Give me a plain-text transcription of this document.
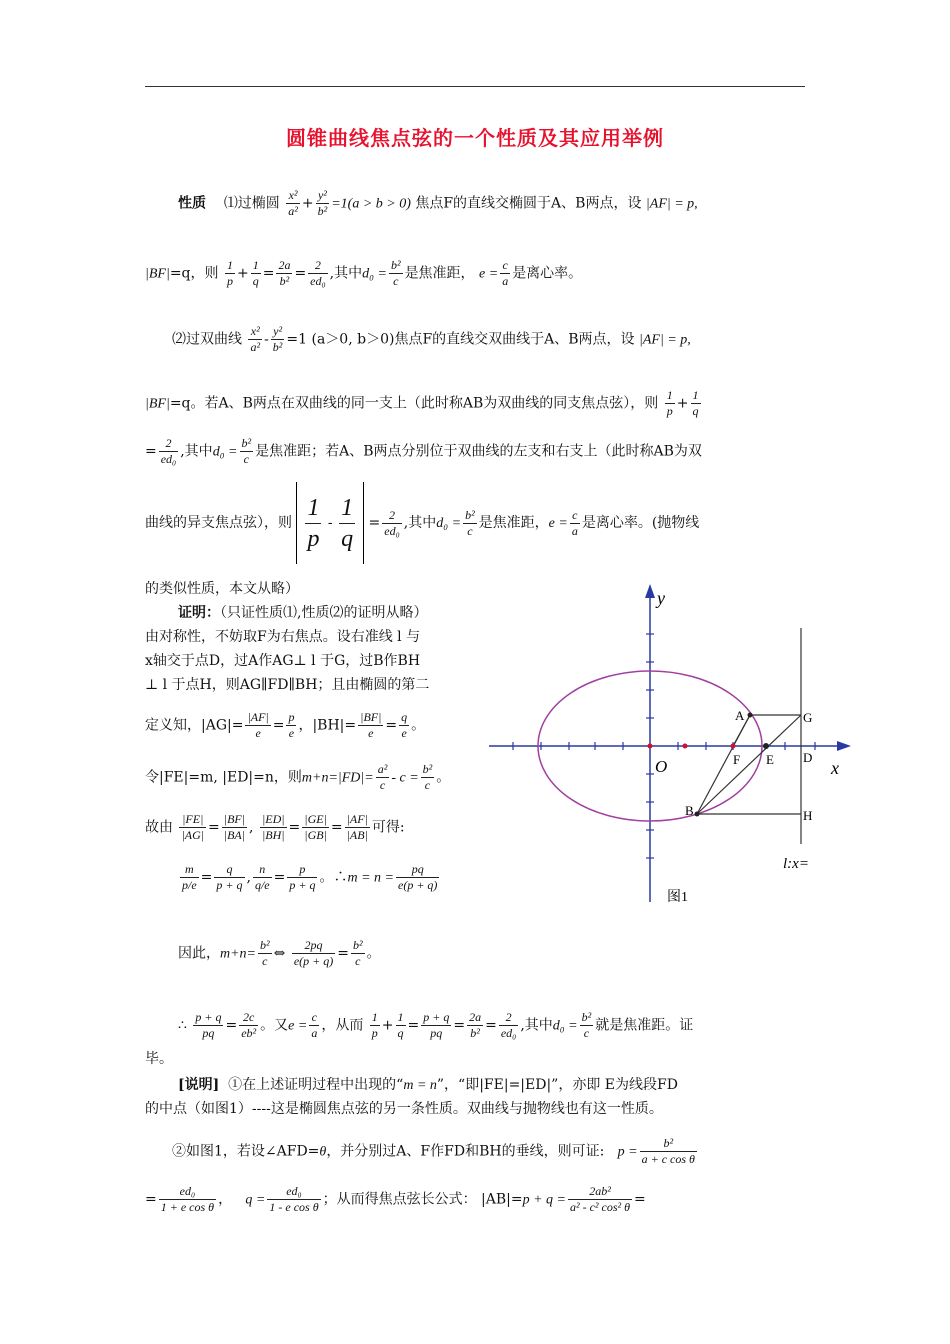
圆锥曲线焦点弦的一个性质及其应用举例
性质 ⑴过椭圆 $\frac{\text{x²}}{\text{a²}} + \frac{\text{y²}}{\text{b²}} =1(a > b > 0)$ 焦点F的直线交椭圆于A、B两点，设 |AF| = p,
|BF|=q，则 $\frac{1}{p} + \frac{1}{q} = \frac{2a}{\text{b²}} = \frac{2}{\text{ed₀}}$ ,其中$d_0 = \frac{\text{b²}}{c}$ 是焦准距， $e = \frac{c}{a}$ 是离心率。
⑵过双曲线 $\frac{\text{x²}}{\text{a²}} - \frac{\text{y²}}{\text{b²}} =1$ (a＞0, b＞0)焦点F的直线交双曲线于A、B两点，设 |AF| = p,
|BF|=q。若A、B两点在双曲线的同一支上（此时称AB为双曲线的同支焦点弦），则 $\frac{1}{p} + \frac{1}{q}$
= $\frac{2}{\text{ed₀}}$ ,其中$d_0 = \frac{\text{b²}}{c}$ 是焦准距；若A、B两点分别位于双曲线的左支和右支上（此时称AB为双
曲线的异支焦点弦），则 $\frac{1}{p} - \frac{1}{q} = \frac{2}{\text{ed₀}}$ ,其中$d_0 = \frac{\text{b²}}{c}$ 是焦准距，$e = \frac{c}{a}$ 是离心率。(抛物线
的类似性质，本文从略）
证明：（只证性质⑴,性质⑵的证明从略）
由对称性，不妨取F为右焦点。设右准线 l 与
x轴交于点D，过A作AG⊥ l 于G，过B作BH
⊥ l 于点H，则AG∥FD∥BH；且由椭圆的第二
定义知，$|AG|= \frac{|AF|}{e} = \frac{p}{e}$ ，$|BH|= \frac{|BF|}{e} = \frac{q}{e}$ 。
令|FE|=m, |ED|=n，则$m+n=|FD|= \frac{\text{a²}}{c} - c = \frac{\text{b²}}{c}$ 。
故由 $\frac{|FE|}{|AG|} = \frac{|BF|}{|BA|}$ , $\frac{|ED|}{|BH|} = \frac{|GE|}{|GB|} = \frac{|AF|}{|AB|}$ 可得:
$\frac{m}{p/e} = \frac{q}{p + q}$ , $\frac{n}{q/e} = \frac{p}{p + q}$ 。∴m = $n = \frac{pq}{e(p + q)}$
因此，$m+n= \frac{\text{b²}}{c}$ ⇔ $\frac{2pq}{e(p + q)} = \frac{\text{b²}}{c}$ 。
∴ $\frac{p + q}{pq} = \frac{2c}{\text{eb²}}$ 。又$e = \frac{c}{a}$ ，从而 $\frac{1}{p} + \frac{1}{q} = \frac{p + q}{pq} = \frac{2a}{\text{b²}} = \frac{2}{\text{ed₀}}$ ,其中$d_0 = \frac{\text{b²}}{c}$ 就是焦准距。证
毕。
[说明] ①在上述证明过程中出现的“m = n”，“即|FE|=|ED|”，亦即 E为线段FD
的中点（如图1）----这是椭圆焦点弦的另一条性质。双曲线与抛物线也有这一性质。
②如图1，若设∠AFD=θ，并分别过A、F作FD和BH的垂线，则可证: $p = \frac{\text{b²}}{\text{a + c cos θ}}$
= $\frac{\text{ed₀}}{\text{1 + e cos θ}}$ ， $q = \frac{\text{ed₀}}{\text{1 - e cos θ}}$ ；从而得焦点弦长公式： $|AB|=p + q = \frac{\text{2ab²}}{\text{a² - c² cos² θ}}$ =
y
x
O
A
B
F E D
G
H
l:x=
图1
